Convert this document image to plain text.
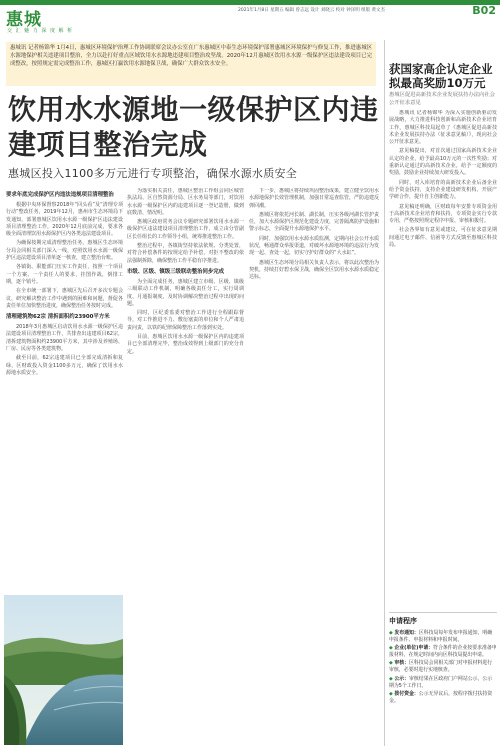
惠城
交 汇 魅 力 深 度 解 析
2021年1月8日 星期五 编辑 曾志远 设计 刘晓云 校对 钟泽明 组版 黄文杰	B02
惠城讯 记者杨锦华 1月4日，惠城区环境保护治理工作协调联席会议办公室在广东惠城区中泰生态环境保护部署惠城区环境保护与修复工作，推进惠城区水源地保护相关违建项目整治，全力以赴打好重点区域饮用水水源地违建项目整治攻坚战。2020年12月惠城区饮用水水源一级保护区违法建设项目已完成整改，按照规定需完成整治工作，惠城区打赢饮用水源地保卫战，确保广大群众饮水安全。
饮用水水源地一级保护区内违建项目整治完成
惠城区投入1100多万元进行专项整治，确保水源水质安全

要求年底完成保护区内违法违规项目清理整治

根据中央环保督察2018年“回头看”及“清理专项行动”整改任务，2019年12月，惠州市生态环境局下发通知，部署惠城区饮用水水源一级保护区违法建设项目清理整治工作，2020年12月底前完成，要求各级全面清理饮用水源保护区内各类违法建设项目。

为确保按期完成清理整治任务，惠城区生态环境分局会同相关部门深入一线，对照饮用水水源一级保护区违法建设项目清单逐一核查，建立整治台账。

各镇街、职能部门压实工作责任，按照一个项目一个方案、一个责任人的要求，挂图作战，倒排工期，逐个销号。

在全市统一部署下，惠城区先后召开多次专题会议，研究解决整治工作中遇到的困难和问题，督促各责任单位加快整治进度，确保整治任务按时完成。

清理建筑物62宗 清拆面积约23900平方米

2018年3月惠城区启动饮用水水源一级保护区违法建设项目清理整治工作，共排查出违建项目62宗，清拆建筑物面积约23900平方米，其中涉及养殖场、厂房、民房等各类建筑物。

截至目前，62宗违建项目已全部完成清拆和复绿，区财政投入资金1100多万元，确保了饮用水水源地水质安全。

为落实相关责任，惠城区整治工作组会同区城管执法局、区自然资源分局、区水务局等部门，对饮用水水源一级保护区内的违建项目逐一登记造册，做到底数清、情况明。

惠城区政府常务会议专题研究部署饮用水水源一级保护区违法建设项目清理整治工作，成立由分管副区长任组长的工作领导小组，统筹推进整治工作。

整治过程中，各镇街坚持依法依规、分类处置，对符合补偿条件的按规定给予补偿，对拒不整改的依法强制拆除，确保整治工作平稳有序推进。

市级、区级、镇级三级联动整治同步完成

为全面完成任务，惠城区建立市级、区级、镇级三级联动工作机制，明确各级责任分工，实行周调度、月通报制度，及时协调解决整治过程中出现的问题。

同时，区纪委监委对整治工作进行全程跟踪督导，对工作推进不力、敷衍塞责的单位和个人严肃追责问责，以铁的纪律保障整治工作落到实处。

目前，惠城区饮用水水源一级保护区内的违建项目已全部清理完毕，整治成效得到上级部门的充分肯定。

下一步，惠城区将持续巩固整治成果，建立健全饮用水水源地保护长效管理机制，加强日常巡查监管，严防违建反弹回潮。

惠城区将依托河长制、湖长制，压实各级河湖长管护责任，加大水源保护区规范化建设力度，完善隔离防护设施和警示标志，全面提升水源地保护水平。

同时，加强饮用水水源水质监测，定期向社会公开水质状况，畅通群众举报渠道，对破坏水源地环境的违法行为发现一起、查处一起，切实守护好群众的“大水缸”。

惠城区生态环境分局相关负责人表示，将以此次整治为契机，持续打好碧水保卫战，确保全区饮用水水源水质稳定达标。

获国家高企认定企业拟最高奖励10万元
惠城区促进高新技术企业发展扶持办法向社会公开征求意见

惠城讯 记者杨锦华 为深入实施创新驱动发展战略，大力推进科技创新和高新技术企业培育工作，惠城区科技局起草了《惠城区促进高新技术企业发展扶持办法（征求意见稿）》，现向社会公开征求意见。

意见稿提出，对首次通过国家高新技术企业认定的企业，给予最高10万元的一次性奖励；对重新认定通过的高新技术企业，给予一定额度的奖励，鼓励企业持续加大研发投入。

同时，对入库培育的高新技术企业后备企业给予资金扶持，支持企业建设研发机构、开展产学研合作，提升自主创新能力。

意见稿还明确，区财政每年安排专项资金用于高新技术企业培育和扶持，专项资金实行专款专用，严格按照规定程序申报、审核和拨付。

社会各界如有意见或建议，可在征求意见期间通过电子邮件、信函等方式反馈至惠城区科技局。

申请程序

◆ 发布通知：区科技局每年发布申报通知，明确申报条件、申报材料和申报时间。

◆ 企业(单位)申请：符合条件的企业按要求准备申报材料，在规定时间内向区科技局提出申请。

◆ 审核：区科技局会同相关部门对申报材料进行审核，必要时进行实地核查。

◆ 公示：审核结果在区政府门户网站公示，公示期为5个工作日。

◆ 拨付资金：公示无异议后，按程序拨付扶持资金。
